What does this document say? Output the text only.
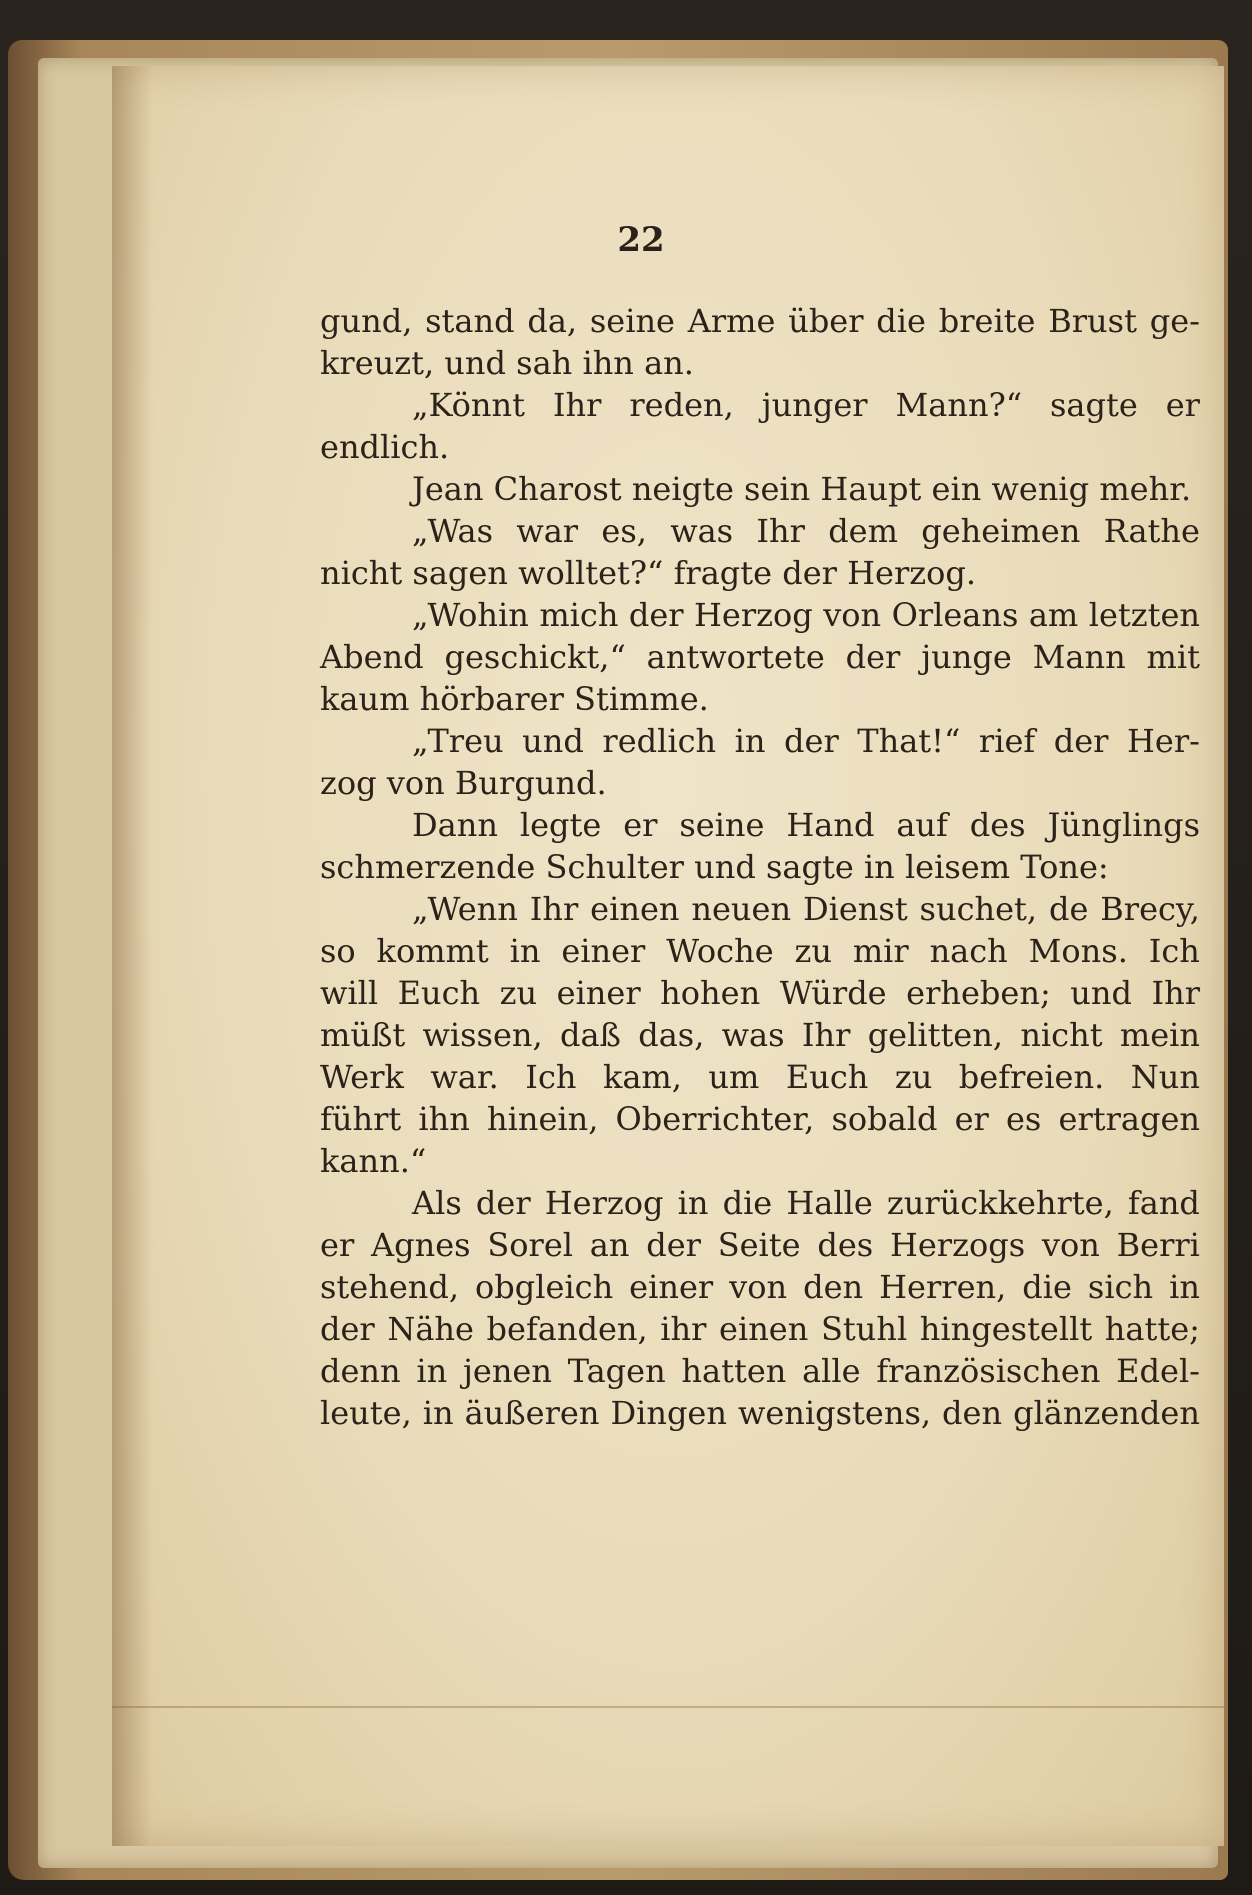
22
gund, stand da, seine Arme über die breite Brust ge-
kreuzt, und sah ihn an.
„Könnt Ihr reden, junger Mann?“ sagte er
endlich.
Jean Charost neigte sein Haupt ein wenig mehr.
„Was war es, was Ihr dem geheimen Rathe
nicht sagen wolltet?“ fragte der Herzog.
„Wohin mich der Herzog von Orleans am letzten
Abend geschickt,“ antwortete der junge Mann mit
kaum hörbarer Stimme.
„Treu und redlich in der That!“ rief der Her-
zog von Burgund.
Dann legte er seine Hand auf des Jünglings
schmerzende Schulter und sagte in leisem Tone:
„Wenn Ihr einen neuen Dienst suchet, de Brecy,
so kommt in einer Woche zu mir nach Mons. Ich
will Euch zu einer hohen Würde erheben; und Ihr
müßt wissen, daß das, was Ihr gelitten, nicht mein
Werk war. Ich kam, um Euch zu befreien. Nun
führt ihn hinein, Oberrichter, sobald er es ertragen
kann.“
Als der Herzog in die Halle zurückkehrte, fand
er Agnes Sorel an der Seite des Herzogs von Berri
stehend, obgleich einer von den Herren, die sich in
der Nähe befanden, ihr einen Stuhl hingestellt hatte;
denn in jenen Tagen hatten alle französischen Edel-
leute, in äußeren Dingen wenigstens, den glänzenden
